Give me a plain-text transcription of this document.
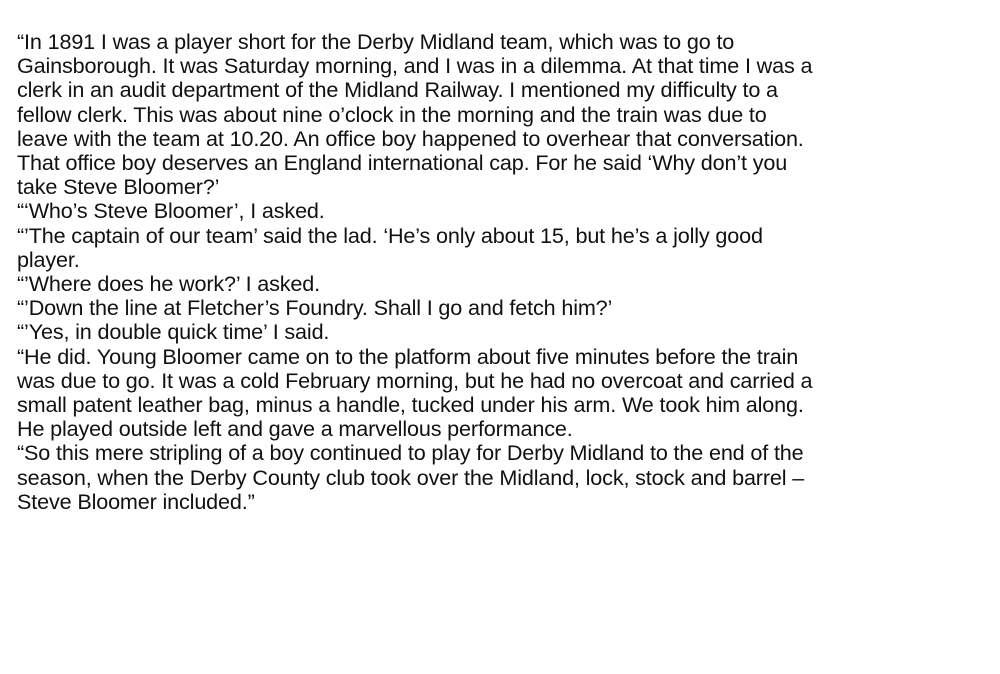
“In 1891 I was a player short for the Derby Midland team, which was to go to
Gainsborough. It was Saturday morning, and I was in a dilemma. At that time I was a
clerk in an audit department of the Midland Railway. I mentioned my difficulty to a
fellow clerk. This was about nine o’clock in the morning and the train was due to
leave with the team at 10.20. An office boy happened to overhear that conversation.
That office boy deserves an England international cap. For he said ‘Why don’t you
take Steve Bloomer?’
“‘Who’s Steve Bloomer’, I asked.
“’The captain of our team’ said the lad. ‘He’s only about 15, but he’s a jolly good
player.
“’Where does he work?’ I asked.
“’Down the line at Fletcher’s Foundry. Shall I go and fetch him?’
“’Yes, in double quick time’ I said.
“He did. Young Bloomer came on to the platform about five minutes before the train
was due to go. It was a cold February morning, but he had no overcoat and carried a
small patent leather bag, minus a handle, tucked under his arm. We took him along.
He played outside left and gave a marvellous performance.
“So this mere stripling of a boy continued to play for Derby Midland to the end of the
season, when the Derby County club took over the Midland, lock, stock and barrel –
Steve Bloomer included.”
